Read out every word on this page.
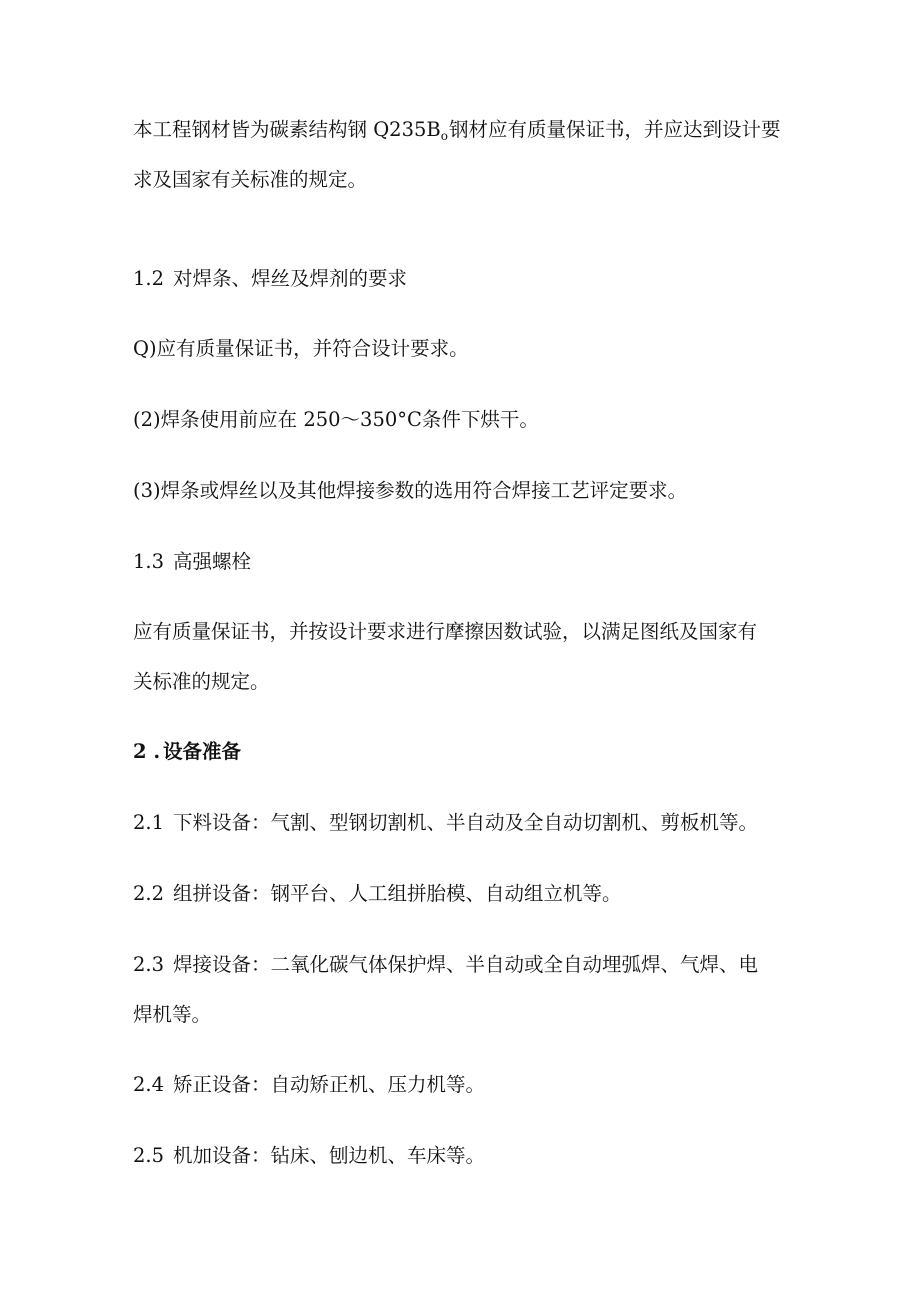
本工程钢材皆为碳素结构钢 $Q235B_o$钢材应有质量保证书，并应达到设计要
求及国家有关标准的规定。
1.2 对焊条、焊丝及焊剂的要求
Q)应有质量保证书，并符合设计要求。
(2)焊条使用前应在 250～350°C条件下烘干。
(3)焊条或焊丝以及其他焊接参数的选用符合焊接工艺评定要求。
1.3 高强螺栓
应有质量保证书，并按设计要求进行摩擦因数试验，以满足图纸及国家有
关标准的规定。
2 . 设备准备
2.1 下料设备：气割、型钢切割机、半自动及全自动切割机、剪板机等。
2.2 组拼设备：钢平台、人工组拼胎模、自动组立机等。
2.3 焊接设备：二氧化碳气体保护焊、半自动或全自动埋弧焊、气焊、电
焊机等。
2.4 矫正设备：自动矫正机、压力机等。
2.5 机加设备：钻床、刨边机、车床等。
